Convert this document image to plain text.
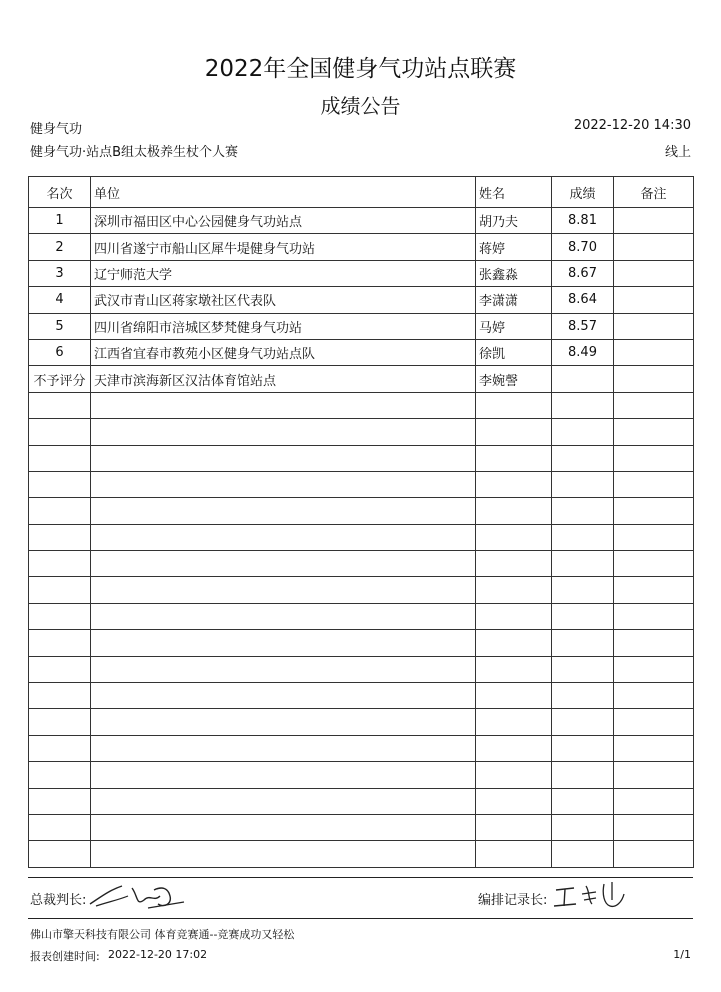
2022年全国健身气功站点联赛
成绩公告
健身气功	2022-12-20 14:30
健身气功·站点B组太极养生杖个人赛	线上
名次	单位	姓名	成绩	备注
1	深圳市福田区中心公园健身气功站点	胡乃夫	8.81	
2	四川省遂宁市船山区犀牛堤健身气功站	蒋婷	8.70	
3	辽宁师范大学	张鑫淼	8.67	
4	武汉市青山区蒋家墩社区代表队	李潇潇	8.64	
5	四川省绵阳市涪城区梦梵健身气功站	马婷	8.57	
6	江西省宜春市教苑小区健身气功站点队	徐凯	8.49	
不予评分	天津市滨海新区汉沽体育馆站点	李婉謦		

总裁判长:	编排记录长:
佛山市擎天科技有限公司 体育竞赛通--竞赛成功又轻松
报表创建时间: 2022-12-20 17:02	1/1
